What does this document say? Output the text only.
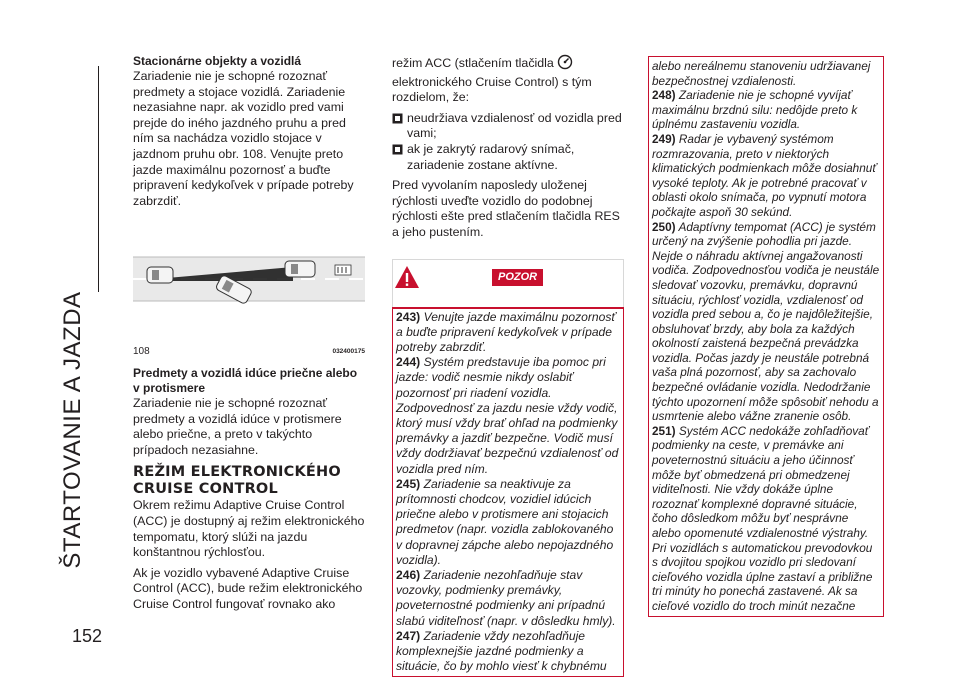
ŠTARTOVANIE A JAZDA
152
Stacionárne objekty a vozidlá

Zariadenie nie je schopné rozoznať predmety a stojace vozidlá. Zariadenie nezasiahne napr. ak vozidlo pred vami prejde do iného jazdného pruhu a pred ním sa nachádza vozidlo stojace v jazdnom pruhu obr. 108. Venujte preto jazde maximálnu pozornosť a buďte pripravení kedykoľvek v prípade potreby zabrzdiť.

108	032400175
Predmety a vozidlá idúce priečne alebo v protismere

Zariadenie nie je schopné rozoznať predmety a vozidlá idúce v protismere alebo priečne, a preto v takýchto prípadoch nezasiahne.

REŽIM ELEKTRONICKÉHO CRUISE CONTROL

Okrem režimu Adaptive Cruise Control (ACC) je dostupný aj režim elektronického tempomatu, ktorý slúži na jazdu konštantnou rýchlosťou.

Ak je vozidlo vybavené Adaptive Cruise Control (ACC), bude režim elektronického Cruise Control fungovať rovnako ako

režim ACC (stlačením tlačidla

elektronického Cruise Control) s tým rozdielom, že:

neudržiava vzdialenosť od vozidla pred vami;
ak je zakrytý radarový snímač, zariadenie zostane aktívne.

Pred vyvolaním naposledy uloženej rýchlosti uveďte vozidlo do podobnej rýchlosti ešte pred stlačením tlačidla RES a jeho pustením.

POZOR

243) Venujte jazde maximálnu pozornosť a buďte pripravení kedykoľvek v prípade potreby zabrzdiť.

244) Systém predstavuje iba pomoc pri jazde: vodič nesmie nikdy oslabiť pozornosť pri riadení vozidla. Zodpovednosť za jazdu nesie vždy vodič, ktorý musí vždy brať ohľad na podmienky premávky a jazdiť bezpečne. Vodič musí vždy dodržiavať bezpečnú vzdialenosť od vozidla pred ním.

245) Zariadenie sa neaktivuje za prítomnosti chodcov, vozidiel idúcich priečne alebo v protismere ani stojacich predmetov (napr. vozidla zablokovaného v dopravnej zápche alebo nepojazdného vozidla).

246) Zariadenie nezohľadňuje stav vozovky, podmienky premávky, poveternostné podmienky ani prípadnú slabú viditeľnosť (napr. v dôsledku hmly).

247) Zariadenie vždy nezohľadňuje komplexnejšie jazdné podmienky a situácie, čo by mohlo viesť k chybnému

alebo nereálnemu stanoveniu udržiavanej bezpečnostnej vzdialenosti.

248) Zariadenie nie je schopné vyvíjať maximálnu brzdnú silu: nedôjde preto k úplnému zastaveniu vozidla.

249) Radar je vybavený systémom rozmrazovania, preto v niektorých klimatických podmienkach môže dosiahnuť vysoké teploty. Ak je potrebné pracovať v oblasti okolo snímača, po vypnutí motora počkajte aspoň 30 sekúnd.

250) Adaptívny tempomat (ACC) je systém určený na zvýšenie pohodlia pri jazde. Nejde o náhradu aktívnej angažovanosti vodiča. Zodpovednosťou vodiča je neustále sledovať vozovku, premávku, dopravnú situáciu, rýchlosť vozidla, vzdialenosť od vozidla pred sebou a, čo je najdôležitejšie, obsluhovať brzdy, aby bola za každých okolností zaistená bezpečná prevádzka vozidla. Počas jazdy je neustále potrebná vaša plná pozornosť, aby sa zachovalo bezpečné ovládanie vozidla. Nedodržanie týchto upozornení môže spôsobiť nehodu a usmrtenie alebo vážne zranenie osôb.

251) Systém ACC nedokáže zohľadňovať podmienky na ceste, v premávke ani poveternostnú situáciu a jeho účinnosť môže byť obmedzená pri obmedzenej viditeľnosti. Nie vždy dokáže úplne rozoznať komplexné dopravné situácie, čoho dôsledkom môžu byť nesprávne alebo opomenuté vzdialenostné výstrahy. Pri vozidlách s automatickou prevodovkou s dvojitou spojkou vozidlo pri sledovaní cieľového vozidla úplne zastaví a približne tri minúty ho ponechá zastavené. Ak sa cieľové vozidlo do troch minút nezačne
